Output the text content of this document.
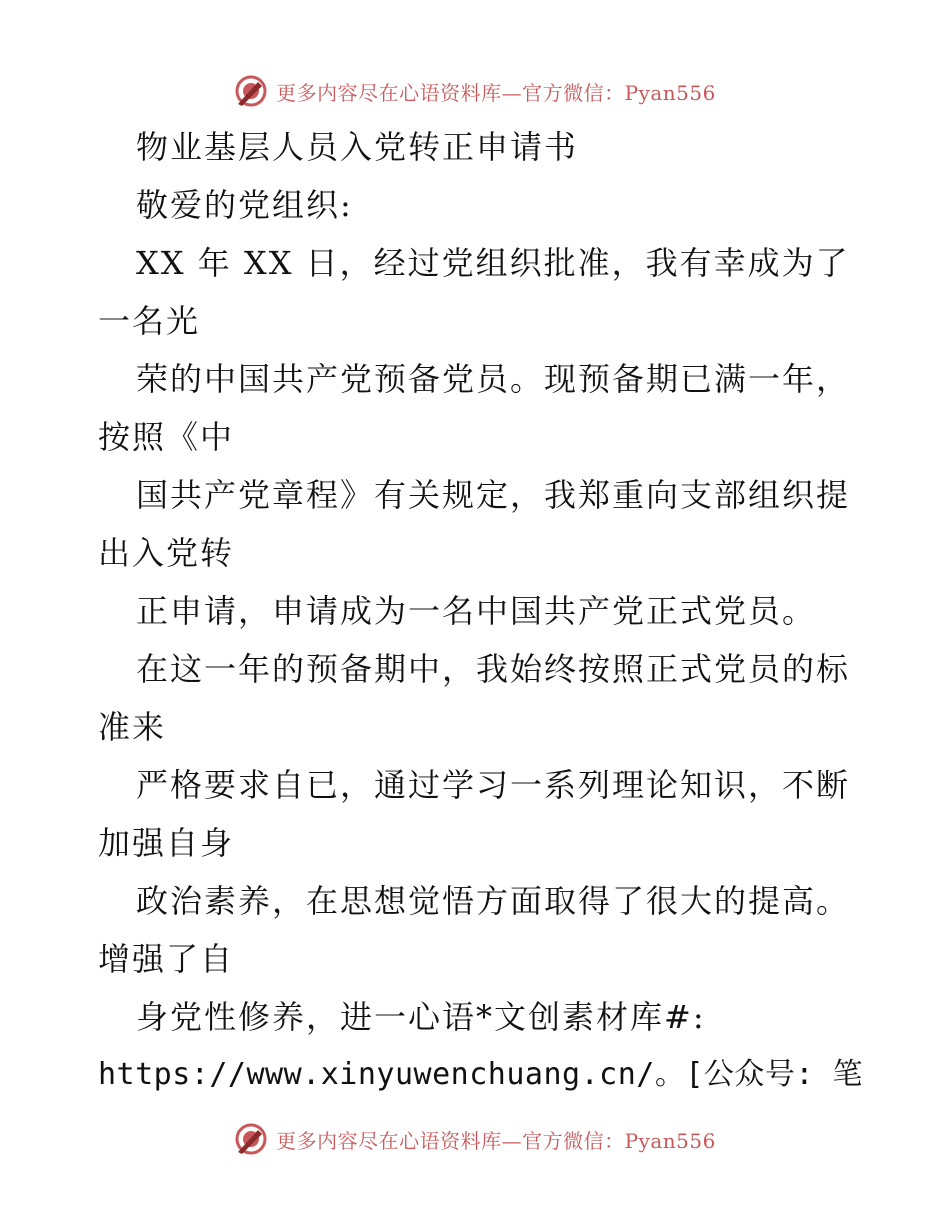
更多内容尽在心语资料库—官方微信：Pyan556
物业基层人员入党转正申请书
敬爱的党组织:
XX 年 XX 日，经过党组织批准，我有幸成为了
一名光
荣的中国共产党预备党员。现预备期已满一年，
按照《中
国共产党章程》有关规定，我郑重向支部组织提
出入党转
正申请，申请成为一名中国共产党正式党员。
在这一年的预备期中，我始终按照正式党员的标
准来
严格要求自已，通过学习一系列理论知识，不断
加强自身
政治素养，在思想觉悟方面取得了很大的提高。
增强了自
身党性修养，进一心语*文创素材库#:
https://www.xinyuwenchuang.cn/。[公众号: 笔
更多内容尽在心语资料库—官方微信：Pyan556
